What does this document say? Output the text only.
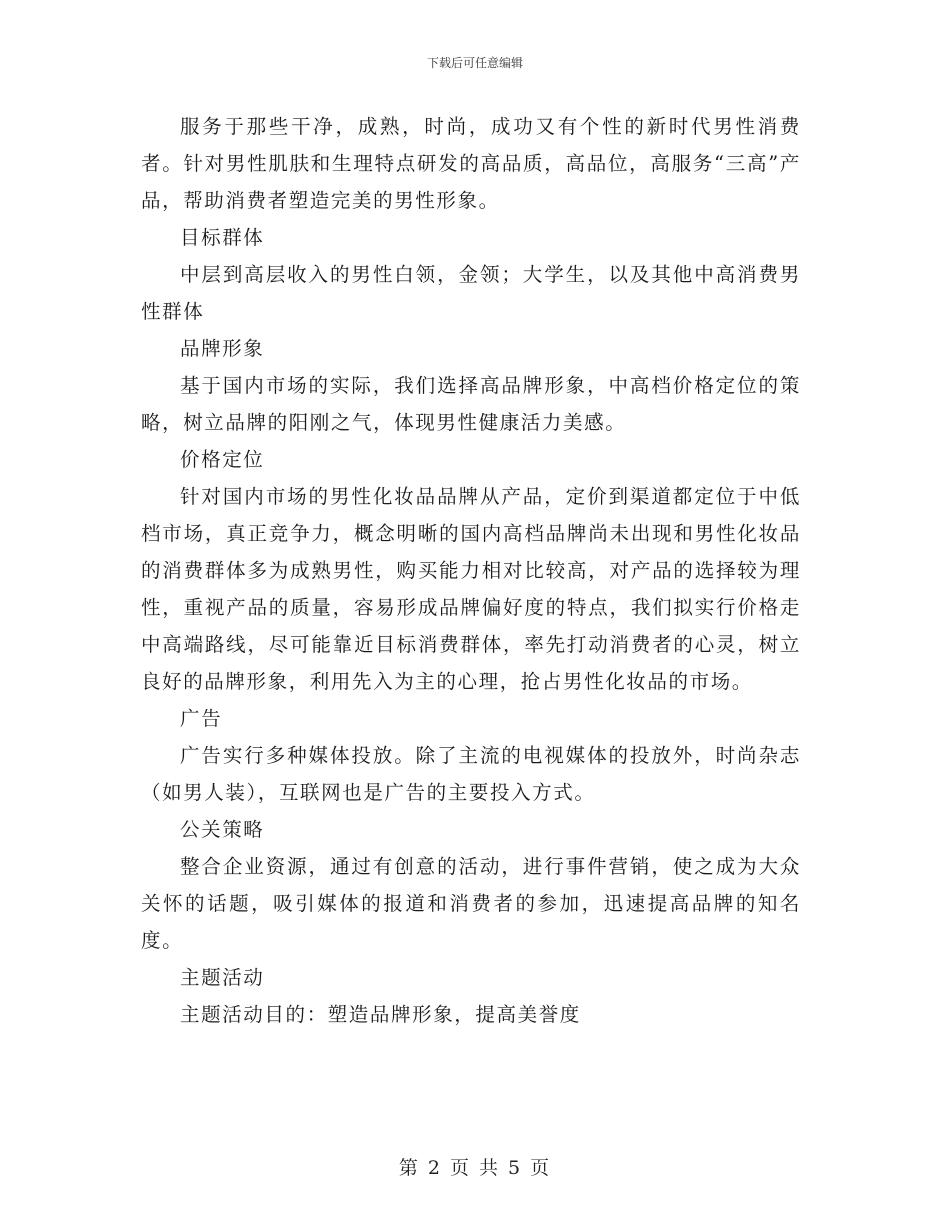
下载后可任意编辑

服务于那些干净，成熟，时尚，成功又有个性的新时代男性消费者。针对男性肌肤和生理特点研发的高品质，高品位，高服务“三高”产品，帮助消费者塑造完美的男性形象。

目标群体

中层到高层收入的男性白领，金领；大学生，以及其他中高消费男性群体

品牌形象

基于国内市场的实际，我们选择高品牌形象，中高档价格定位的策略，树立品牌的阳刚之气，体现男性健康活力美感。

价格定位

针对国内市场的男性化妆品品牌从产品，定价到渠道都定位于中低档市场，真正竞争力，概念明晰的国内高档品牌尚未出现和男性化妆品的消费群体多为成熟男性，购买能力相对比较高，对产品的选择较为理性，重视产品的质量，容易形成品牌偏好度的特点，我们拟实行价格走中高端路线，尽可能靠近目标消费群体，率先打动消费者的心灵，树立良好的品牌形象，利用先入为主的心理，抢占男性化妆品的市场。

广告

广告实行多种媒体投放。除了主流的电视媒体的投放外，时尚杂志（如男人装），互联网也是广告的主要投入方式。

公关策略

整合企业资源，通过有创意的活动，进行事件营销，使之成为大众关怀的话题，吸引媒体的报道和消费者的参加，迅速提高品牌的知名度。

主题活动

主题活动目的：塑造品牌形象，提高美誉度

第 2 页 共 5 页
